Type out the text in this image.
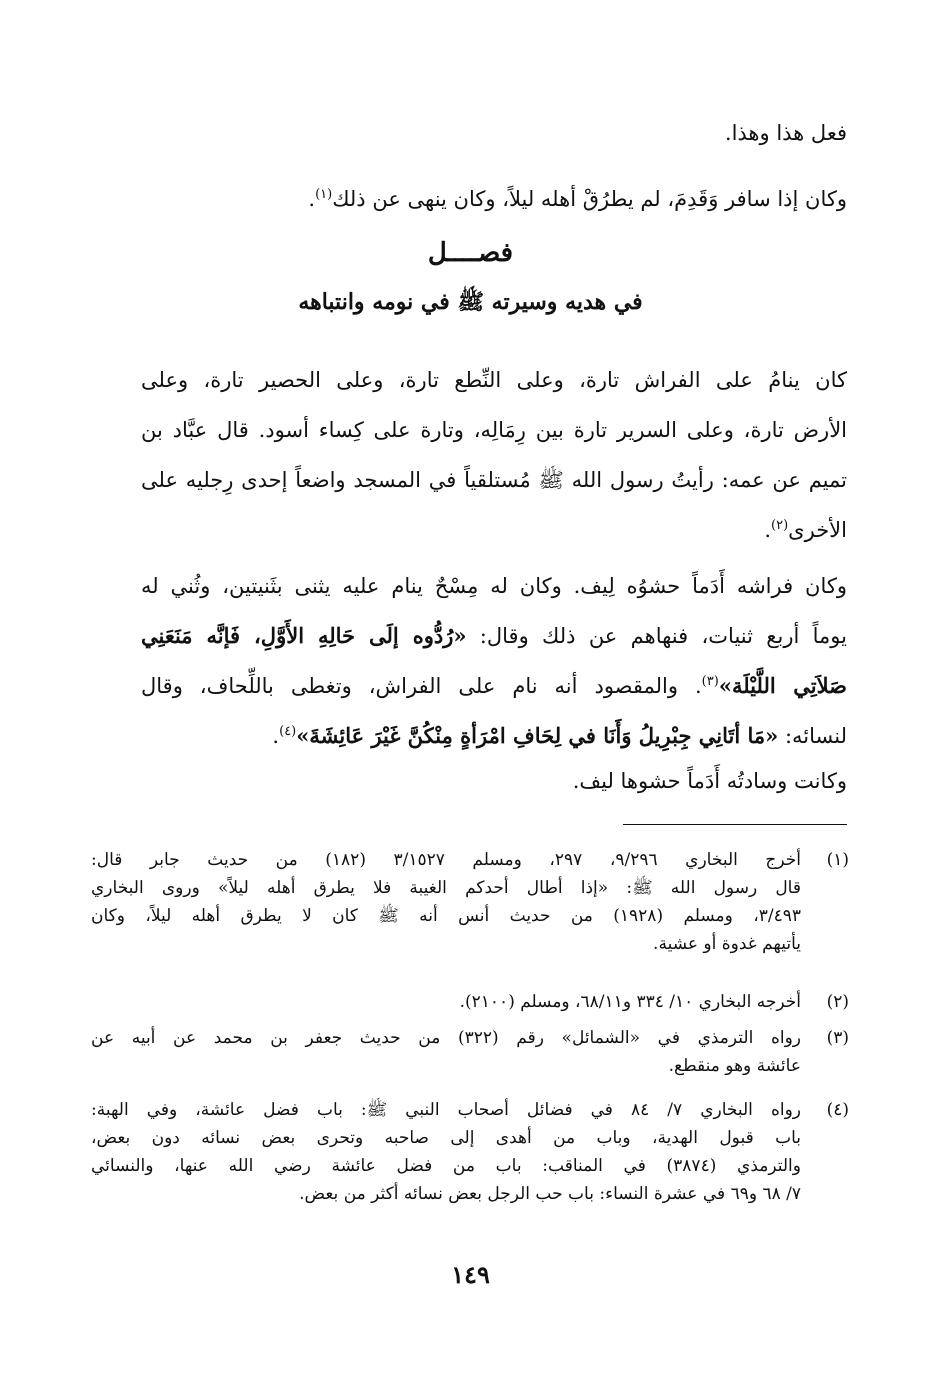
فعل هذا وهذا.
وكان إذا سافر وَقَدِمَ، لم يطرُقْ أهله ليلاً، وكان ينهى عن ذلك$^{(١)}$.
فصــــل
في هديه وسيرته ﷺ في نومه وانتباهه
كان ينامُ على الفراش تارة، وعلى النِّطع تارة، وعلى الحصير تارة، وعلى
الأرض تارة، وعلى السرير تارة بين رِمَالِه، وتارة على كِساء أسود. قال عبَّاد بن
تميم عن عمه: رأيتُ رسول الله ﷺ مُستلقياً في المسجد واضعاً إحدى رِجليه على
الأخرى$^{(٢)}$.
وكان فراشه أَدَماً حشوُه لِيف. وكان له مِسْحٌ ينام عليه يثنى بثَنيتين، وثُني له
يوماً أربع ثنيات، فنهاهم عن ذلك وقال: «رُدُّوه إلَى حَالِهِ الأَوَّلِ، فَإنَّه مَنَعَنِي
صَلاَتِي اللَّيْلَة»$^{(٣)}$. والمقصود أنه نام على الفراش، وتغطى باللِّحاف، وقال
لنسائه: «مَا أتَانِي جِبْرِيلُ وَأَنَا في لِحَافِ امْرَأةٍ مِنْكُنَّ غَيْرَ عَائِشَةَ»$^{(٤)}$.
وكانت وسادتُه أَدَماً حشوها ليف.
(١)
أخرج البخاري ٩/٢٩٦، ٢٩٧، ومسلم ٣/١٥٢٧ (١٨٢) من حديث جابر قال:
قال رسول الله ﷺ: «إذا أطال أحدكم الغيبة فلا يطرق أهله ليلاً» وروى البخاري
٣/٤٩٣، ومسلم (١٩٢٨) من حديث أنس أنه ﷺ كان لا يطرق أهله ليلاً، وكان
يأتيهم غدوة أو عشية.
(٢)
أخرجه البخاري ١٠/ ٣٣٤ و٦٨/١١، ومسلم (٢١٠٠).
(٣)
رواه الترمذي في «الشمائل» رقم (٣٢٢) من حديث جعفر بن محمد عن أبيه عن
عائشة وهو منقطع.
(٤)
رواه البخاري ٧/ ٨٤ في فضائل أصحاب النبي ﷺ: باب فضل عائشة، وفي الهبة:
باب قبول الهدية، وباب من أهدى إلى صاحبه وتحرى بعض نسائه دون بعض،
والترمذي (٣٨٧٤) في المناقب: باب من فضل عائشة رضي الله عنها، والنسائي
٧/ ٦٨ و٦٩ في عشرة النساء: باب حب الرجل بعض نسائه أكثر من بعض.
١٤٩
